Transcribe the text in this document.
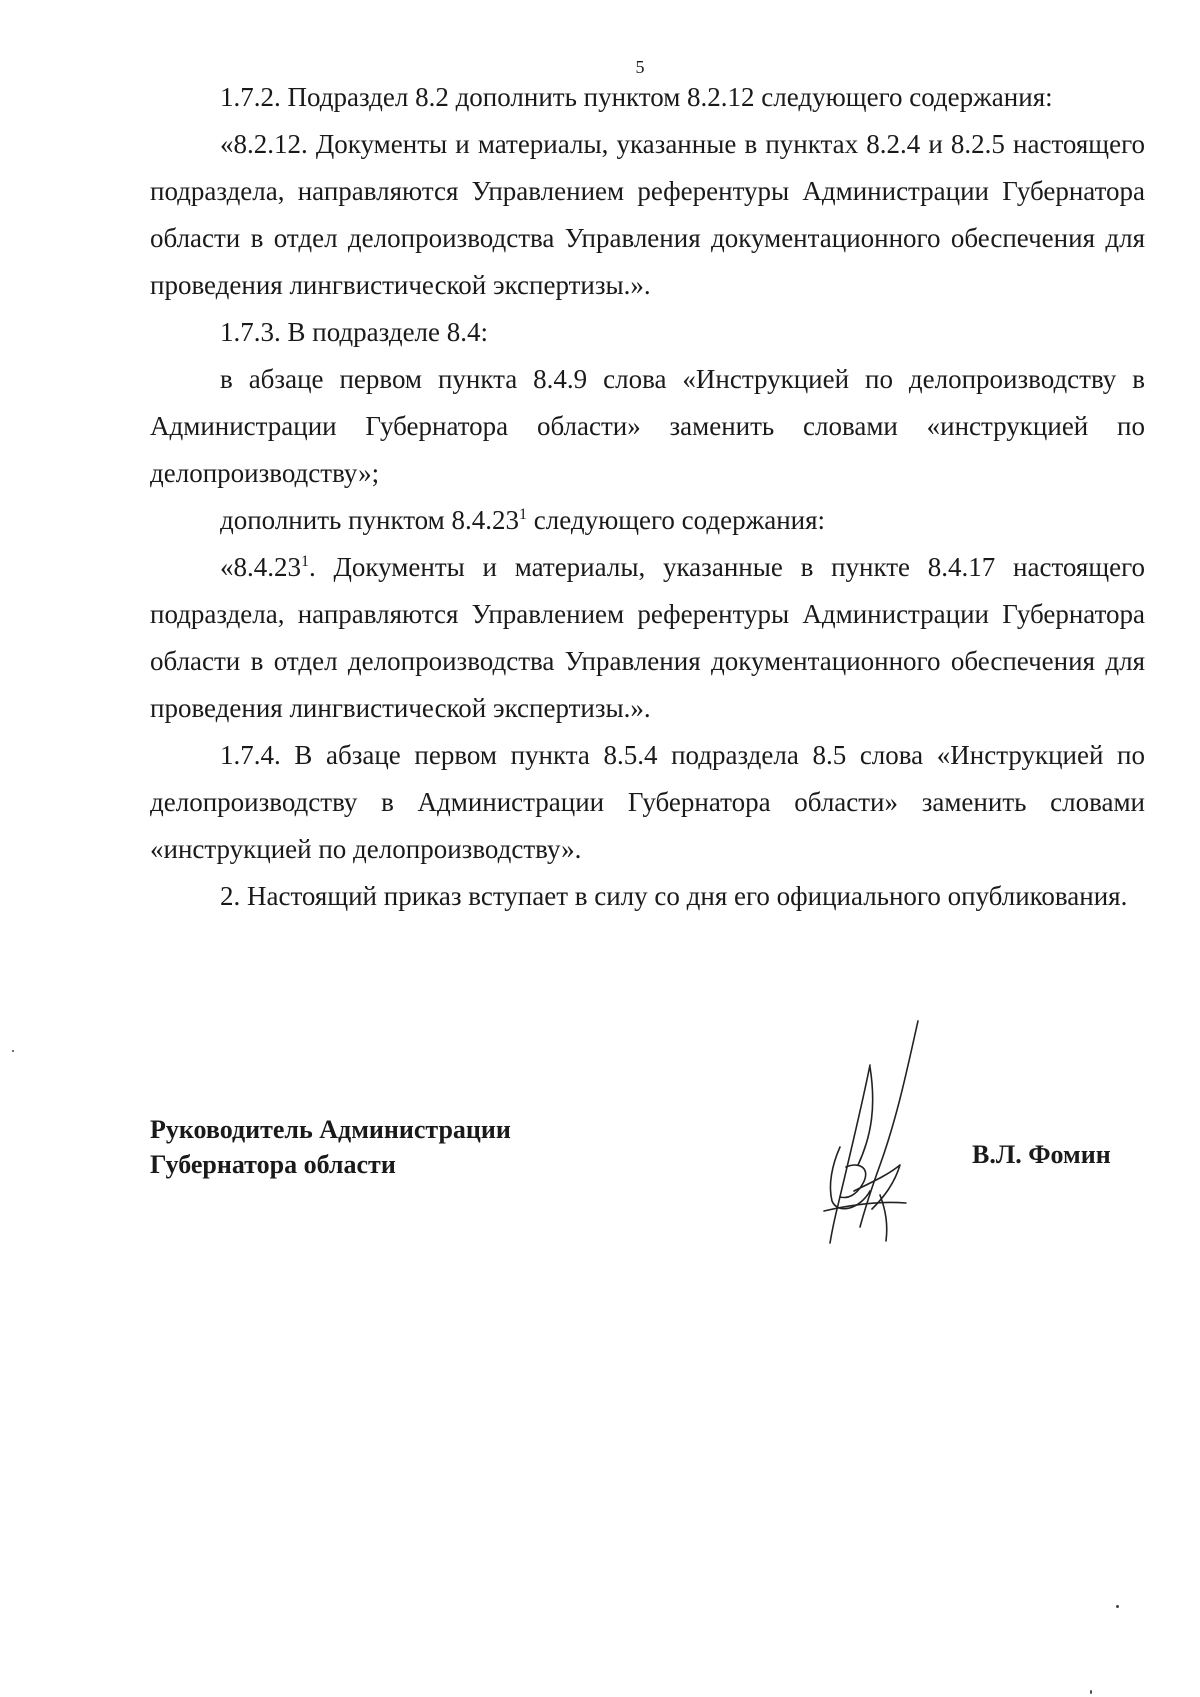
5

1.7.2. Подраздел 8.2 дополнить пунктом 8.2.12 следующего содержания:

«8.2.12. Документы и материалы, указанные в пунктах 8.2.4 и 8.2.5 настоящего подраздела, направляются Управлением референтуры Администрации Губернатора области в отдел делопроизводства Управления документационного обеспечения для проведения лингвистической экспертизы.».

1.7.3. В подразделе 8.4:

в абзаце первом пункта 8.4.9 слова «Инструкцией по делопроизводству в Администрации Губернатора области» заменить словами «инструкцией по делопроизводству»;

дополнить пунктом 8.4.23$^1$ следующего содержания:

«8.4.23$^1$. Документы и материалы, указанные в пункте 8.4.17 настоящего подраздела, направляются Управлением референтуры Администрации Губернатора области в отдел делопроизводства Управления документационного обеспечения для проведения лингвистической экспертизы.».

1.7.4. В абзаце первом пункта 8.5.4 подраздела 8.5 слова «Инструкцией по делопроизводству в Администрации Губернатора области» заменить словами «инструкцией по делопроизводству».

2. Настоящий приказ вступает в силу со дня его официального опубликования.

Руководитель Администрации
Губернатора области	В.Л. Фомин
